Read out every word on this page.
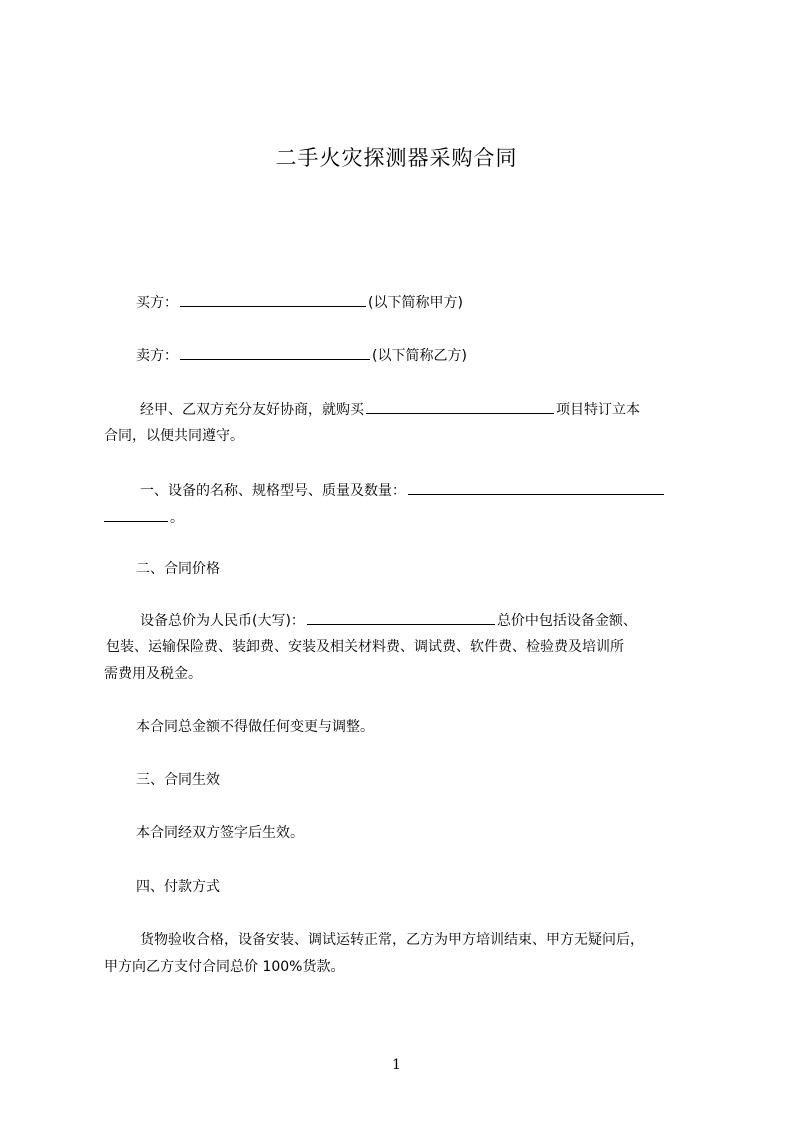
二手火灾探测器采购合同
买方：	(以下简称甲方)
卖方：	(以下简称乙方)
经甲、乙双方充分友好协商，就购买	项目特订立本
合同，以便共同遵守。
一、设备的名称、规格型号、质量及数量：
。
二、合同价格
设备总价为人民币(大写)：	总价中包括设备金额、
包装、运输保险费、装卸费、安装及相关材料费、调试费、软件费、检验费及培训所
需费用及税金。
本合同总金额不得做任何变更与调整。
三、合同生效
本合同经双方签字后生效。
四、付款方式
货物验收合格，设备安装、调试运转正常，乙方为甲方培训结束、甲方无疑问后，
甲方向乙方支付合同总价 100%货款。
1
